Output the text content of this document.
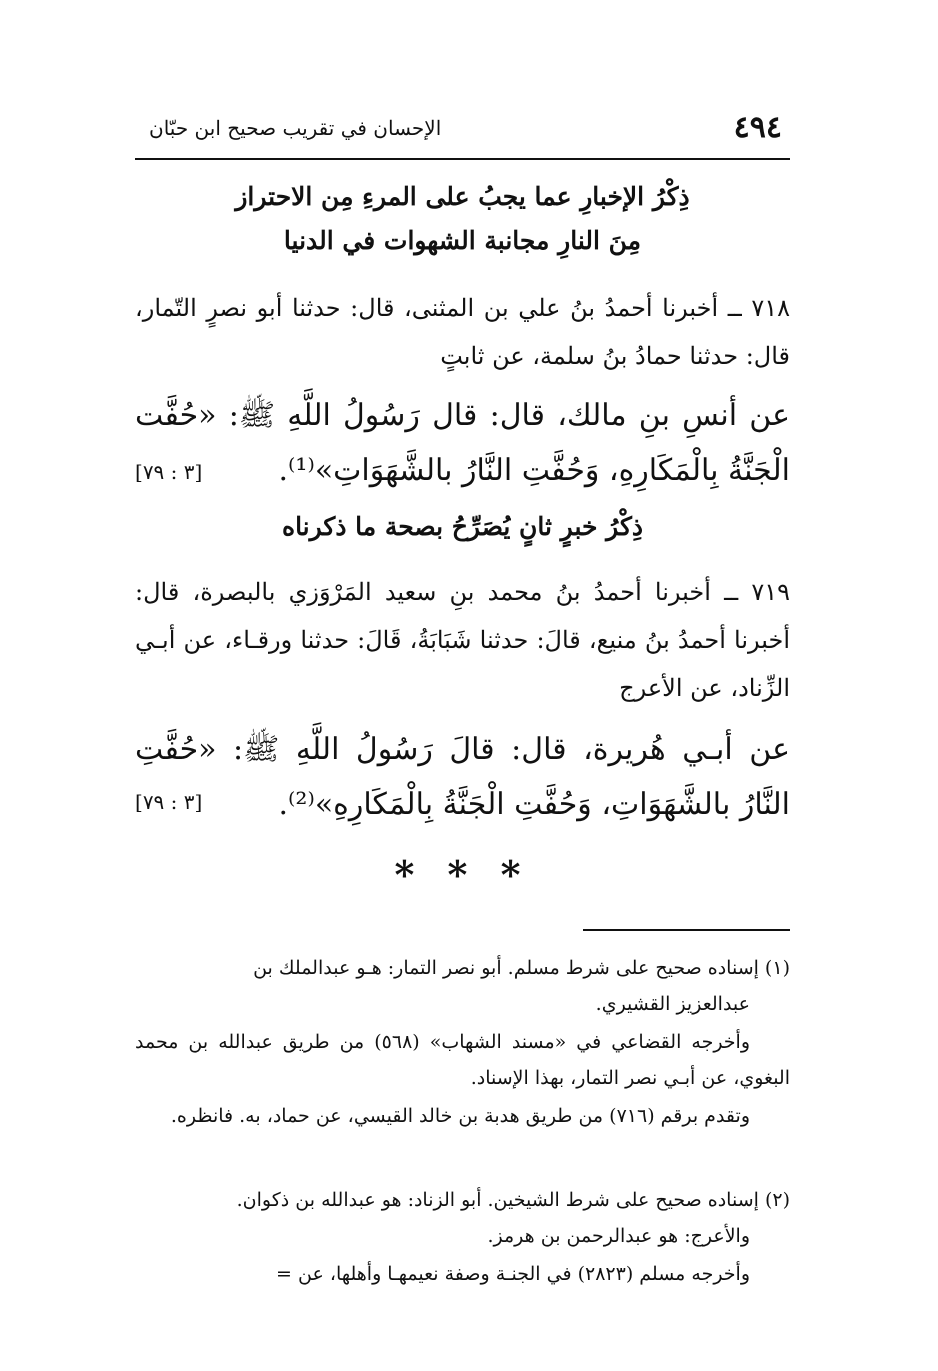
٤٩٤
الإحسان في تقريب صحيح ابن حبّان
ذِكْرُ الإخبارِ عما يجبُ على المرءِ مِن الاحتراز
مِنَ النارِ مجانبة الشهوات في الدنيا
٧١٨ ــ أخبرنا أحمدُ بنُ علي بن المثنى، قال: حدثنا أبو نصرٍ التّمار، قال: حدثنا حمادُ بنُ سلمة، عن ثابتٍ
عن أنسِ بنِ مالك، قال: قال رَسُولُ اللَّهِ ﷺ: «حُفَّت الْجَنَّةُ بِالْمَكَارِهِ، وَحُفَّتِ النَّارُ بالشَّهَوَاتِ»⁽¹⁾.
[٣ : ٧٩]
ذِكْرُ خبرٍ ثانٍ يُصَرِّحُ بصحة ما ذكرناه
٧١٩ ــ أخبرنا أحمدُ بنُ محمد بنِ سعيد المَرْوَزي بالبصرة، قال: أخبرنا أحمدُ بنُ منيع، قالَ: حدثنا شَبَابَةُ، قَالَ: حدثنا ورقـاء، عن أبـي الزِّناد، عن الأعرج
عن أبـي هُريرة، قال: قالَ رَسُولُ اللَّهِ ﷺ: «حُفَّتِ النَّارُ بالشَّهَوَاتِ، وَحُفَّتِ الْجَنَّةُ بِالْمَكَارِهِ»⁽²⁾.
[٣ : ٧٩]
* * *
(١) إسناده صحيح على شرط مسلم. أبو نصر التمار: هـو عبدالملك بن
عبدالعزيز القشيري.
وأخرجه القضاعي في «مسند الشهاب» (٥٦٨) من طريق عبدالله بن محمد البغوي، عن أبـي نصر التمار، بهذا الإسناد.
وتقدم برقم (٧١٦) من طريق هدبة بن خالد القيسي، عن حماد، به. فانظره.
(٢) إسناده صحيح على شرط الشيخين. أبو الزناد: هو عبدالله بن ذكوان.
والأعرج: هو عبدالرحمن بن هرمز.
وأخرجه مسلم (٢٨٢٣) في الجنـة وصفة نعيمهـا وأهلها، عن =
